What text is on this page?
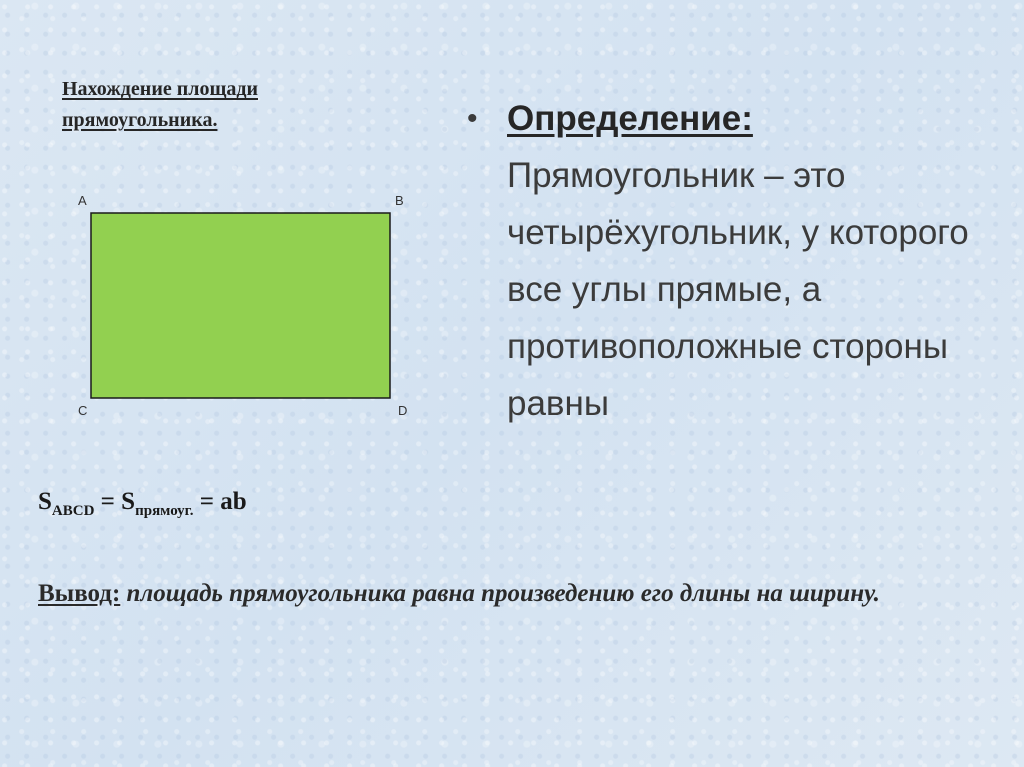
Нахождение площади прямоугольника.
A	B
C	D
• Определение: Прямоугольник – это четырёхугольник, у которого все углы прямые, а противоположные стороны равны
$S_{ABCD} = S_{прямоуг.}$ = ab
Вывод: площадь прямоугольника равна произведению его длины на ширину.
